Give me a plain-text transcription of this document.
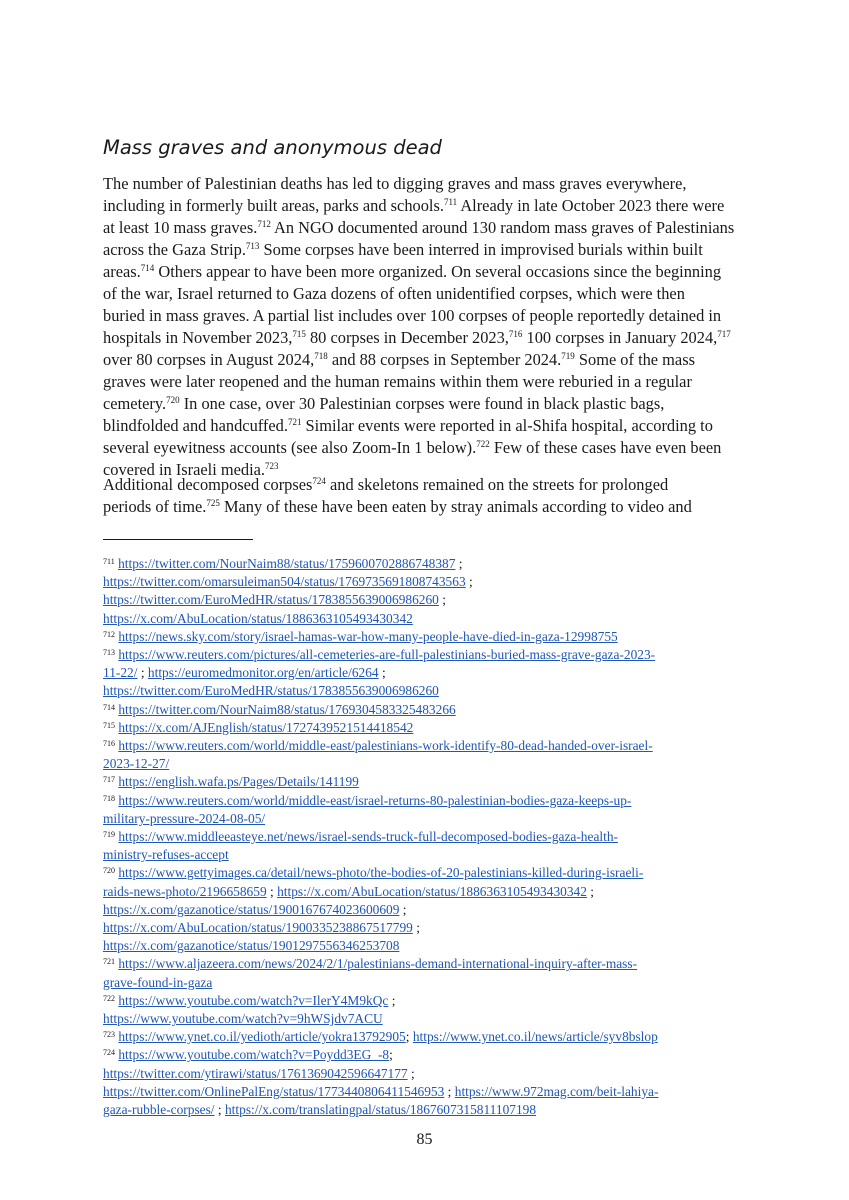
Mass graves and anonymous dead
The number of Palestinian deaths has led to digging graves and mass graves everywhere,
including in formerly built areas, parks and schools.$^{711}$ Already in late October 2023 there were
at least 10 mass graves.$^{712}$ An NGO documented around 130 random mass graves of Palestinians
across the Gaza Strip.$^{713}$ Some corpses have been interred in improvised burials within built
areas.$^{714}$ Others appear to have been more organized. On several occasions since the beginning
of the war, Israel returned to Gaza dozens of often unidentified corpses, which were then
buried in mass graves. A partial list includes over 100 corpses of people reportedly detained in
hospitals in November 2023,$^{715}$ 80 corpses in December 2023,$^{716}$ 100 corpses in January 2024,$^{717}$
over 80 corpses in August 2024,$^{718}$ and 88 corpses in September 2024.$^{719}$ Some of the mass
graves were later reopened and the human remains within them were reburied in a regular
cemetery.$^{720}$ In one case, over 30 Palestinian corpses were found in black plastic bags,
blindfolded and handcuffed.$^{721}$ Similar events were reported in al-Shifa hospital, according to
several eyewitness accounts (see also Zoom-In 1 below).$^{722}$ Few of these cases have even been
covered in Israeli media.$^{723}$
Additional decomposed corpses$^{724}$ and skeletons remained on the streets for prolonged
periods of time.$^{725}$ Many of these have been eaten by stray animals according to video and
$^{711}$ https://twitter.com/NourNaim88/status/1759600702886748387 ;
https://twitter.com/omarsuleiman504/status/1769735691808743563 ;
https://twitter.com/EuroMedHR/status/1783855639006986260 ;
https://x.com/AbuLocation/status/1886363105493430342
$^{712}$ https://news.sky.com/story/israel-hamas-war-how-many-people-have-died-in-gaza-12998755
$^{713}$ https://www.reuters.com/pictures/all-cemeteries-are-full-palestinians-buried-mass-grave-gaza-2023-
11-22/ ; https://euromedmonitor.org/en/article/6264 ;
https://twitter.com/EuroMedHR/status/1783855639006986260
$^{714}$ https://twitter.com/NourNaim88/status/1769304583325483266
$^{715}$ https://x.com/AJEnglish/status/1727439521514418542
$^{716}$ https://www.reuters.com/world/middle-east/palestinians-work-identify-80-dead-handed-over-israel-
2023-12-27/
$^{717}$ https://english.wafa.ps/Pages/Details/141199
$^{718}$ https://www.reuters.com/world/middle-east/israel-returns-80-palestinian-bodies-gaza-keeps-up-
military-pressure-2024-08-05/
$^{719}$ https://www.middleeasteye.net/news/israel-sends-truck-full-decomposed-bodies-gaza-health-
ministry-refuses-accept
$^{720}$ https://www.gettyimages.ca/detail/news-photo/the-bodies-of-20-palestinians-killed-during-israeli-
raids-news-photo/2196658659 ; https://x.com/AbuLocation/status/1886363105493430342 ;
https://x.com/gazanotice/status/1900167674023600609 ;
https://x.com/AbuLocation/status/1900335238867517799 ;
https://x.com/gazanotice/status/1901297556346253708
$^{721}$ https://www.aljazeera.com/news/2024/2/1/palestinians-demand-international-inquiry-after-mass-
grave-found-in-gaza
$^{722}$ https://www.youtube.com/watch?v=IlerY4M9kQc ;
https://www.youtube.com/watch?v=9hWSjdv7ACU
$^{723}$ https://www.ynet.co.il/yedioth/article/yokra13792905; https://www.ynet.co.il/news/article/syv8bslop
$^{724}$ https://www.youtube.com/watch?v=Poydd3EG_-8;
https://twitter.com/ytirawi/status/1761369042596647177 ;
https://twitter.com/OnlinePalEng/status/1773440806411546953 ; https://www.972mag.com/beit-lahiya-
gaza-rubble-corpses/ ; https://x.com/translatingpal/status/1867607315811107198
85
